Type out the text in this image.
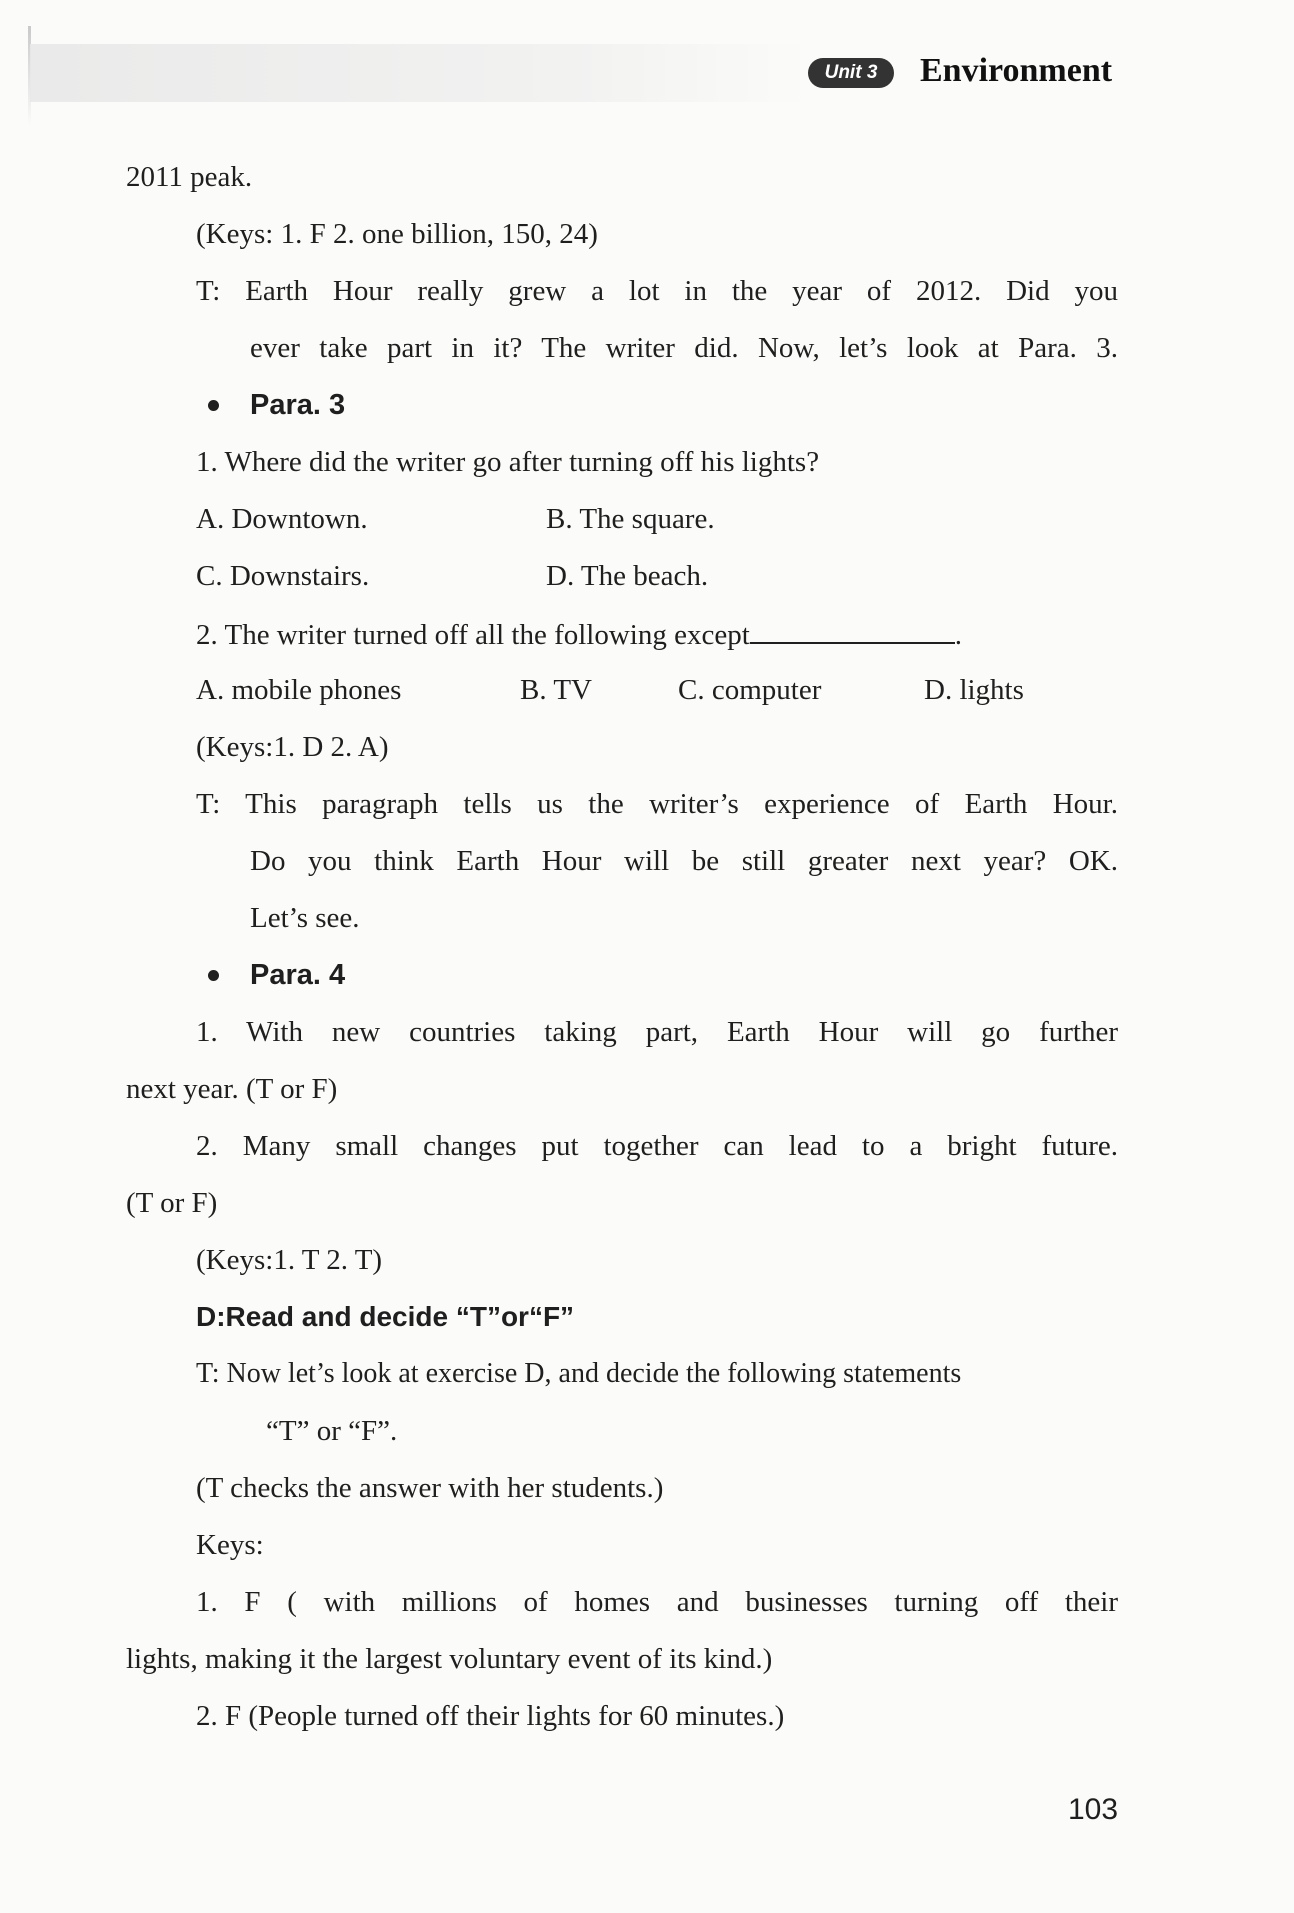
Unit 3	Environment
2011 peak.
(Keys: 1. F 2. one billion, 150, 24)
T: Earth Hour really grew a lot in the year of 2012. Did you
ever take part in it? The writer did. Now, let’s look at Para. 3.
Para. 3
1. Where did the writer go after turning off his lights?
A. Downtown.	B. The square.
C. Downstairs.	D. The beach.
2. The writer turned off all the following except	.
A. mobile phones	B. TV	C. computer	D. lights
(Keys:1. D 2. A)
T: This paragraph tells us the writer’s experience of Earth Hour.
Do you think Earth Hour will be still greater next year? OK.
Let’s see.
Para. 4
1. With new countries taking part, Earth Hour will go further
next year. (T or F)
2. Many small changes put together can lead to a bright future.
(T or F)
(Keys:1. T 2. T)
D:Read and decide “T”or“F”
T: Now let’s look at exercise D, and decide the following statements
“T” or “F”.
(T checks the answer with her students.)
Keys:
1. F ( with millions of homes and businesses turning off their
lights, making it the largest voluntary event of its kind.)
2. F (People turned off their lights for 60 minutes.)
103
